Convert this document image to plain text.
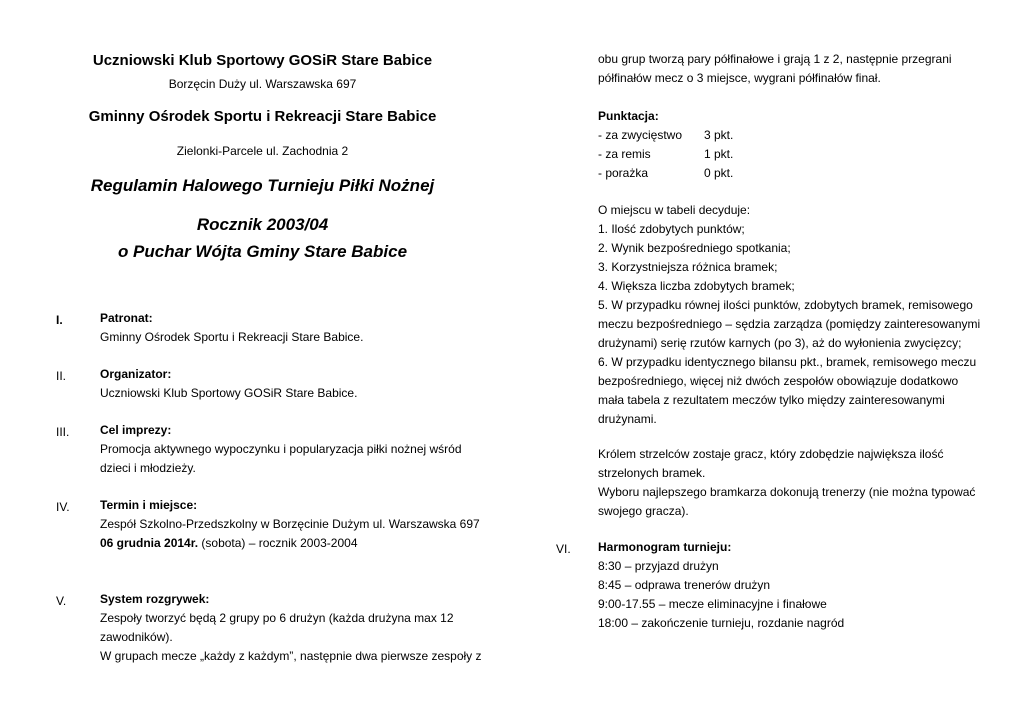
Uczniowski Klub Sportowy GOSiR Stare Babice
Borzęcin Duży ul. Warszawska 697
Gminny Ośrodek Sportu i Rekreacji Stare Babice
Zielonki-Parcele ul. Zachodnia 2
Regulamin Halowego Turnieju Piłki Nożnej
Rocznik 2003/04
o Puchar Wójta Gminy Stare Babice
I.	Patronat:
Gminny Ośrodek Sportu i Rekreacji Stare Babice.
II.	Organizator:
Uczniowski Klub Sportowy GOSiR Stare Babice.
III.	Cel imprezy:
Promocja aktywnego wypoczynku i popularyzacja piłki nożnej wśród
dzieci i młodzieży.
IV.	Termin i miejsce:
Zespół Szkolno-Przedszkolny w Borzęcinie Dużym ul. Warszawska 697
06 grudnia 2014r. (sobota) – rocznik 2003-2004
V.	System rozgrywek:
Zespoły tworzyć będą 2 grupy po 6 drużyn (każda drużyna max 12
zawodników).
W grupach mecze „każdy z każdym”, następnie dwa pierwsze zespoły z
obu grup tworzą pary półfinałowe i grają 1 z 2, następnie przegrani
półfinałów mecz o 3 miejsce, wygrani półfinałów finał.
Punktacja:
- za zwycięstwo	3 pkt.
- za remis	1 pkt.
- porażka	0 pkt.
O miejscu w tabeli decyduje:
1. Ilość zdobytych punktów;
2. Wynik bezpośredniego spotkania;
3. Korzystniejsza różnica bramek;
4. Większa liczba zdobytych bramek;
5. W przypadku równej ilości punktów, zdobytych bramek, remisowego
meczu bezpośredniego – sędzia zarządza (pomiędzy zainteresowanymi
drużynami) serię rzutów karnych (po 3), aż do wyłonienia zwycięzcy;
6. W przypadku identycznego bilansu pkt., bramek, remisowego meczu
bezpośredniego, więcej niż dwóch zespołów obowiązuje dodatkowo
mała tabela z rezultatem meczów tylko między zainteresowanymi
drużynami.
Królem strzelców zostaje gracz, który zdobędzie największa ilość
strzelonych bramek.
Wyboru najlepszego bramkarza dokonują trenerzy (nie można typować
swojego gracza).
VI. Harmonogram turnieju:
8:30 – przyjazd drużyn
8:45 – odprawa trenerów drużyn
9:00-17.55 – mecze eliminacyjne i finałowe
18:00 – zakończenie turnieju, rozdanie nagród
